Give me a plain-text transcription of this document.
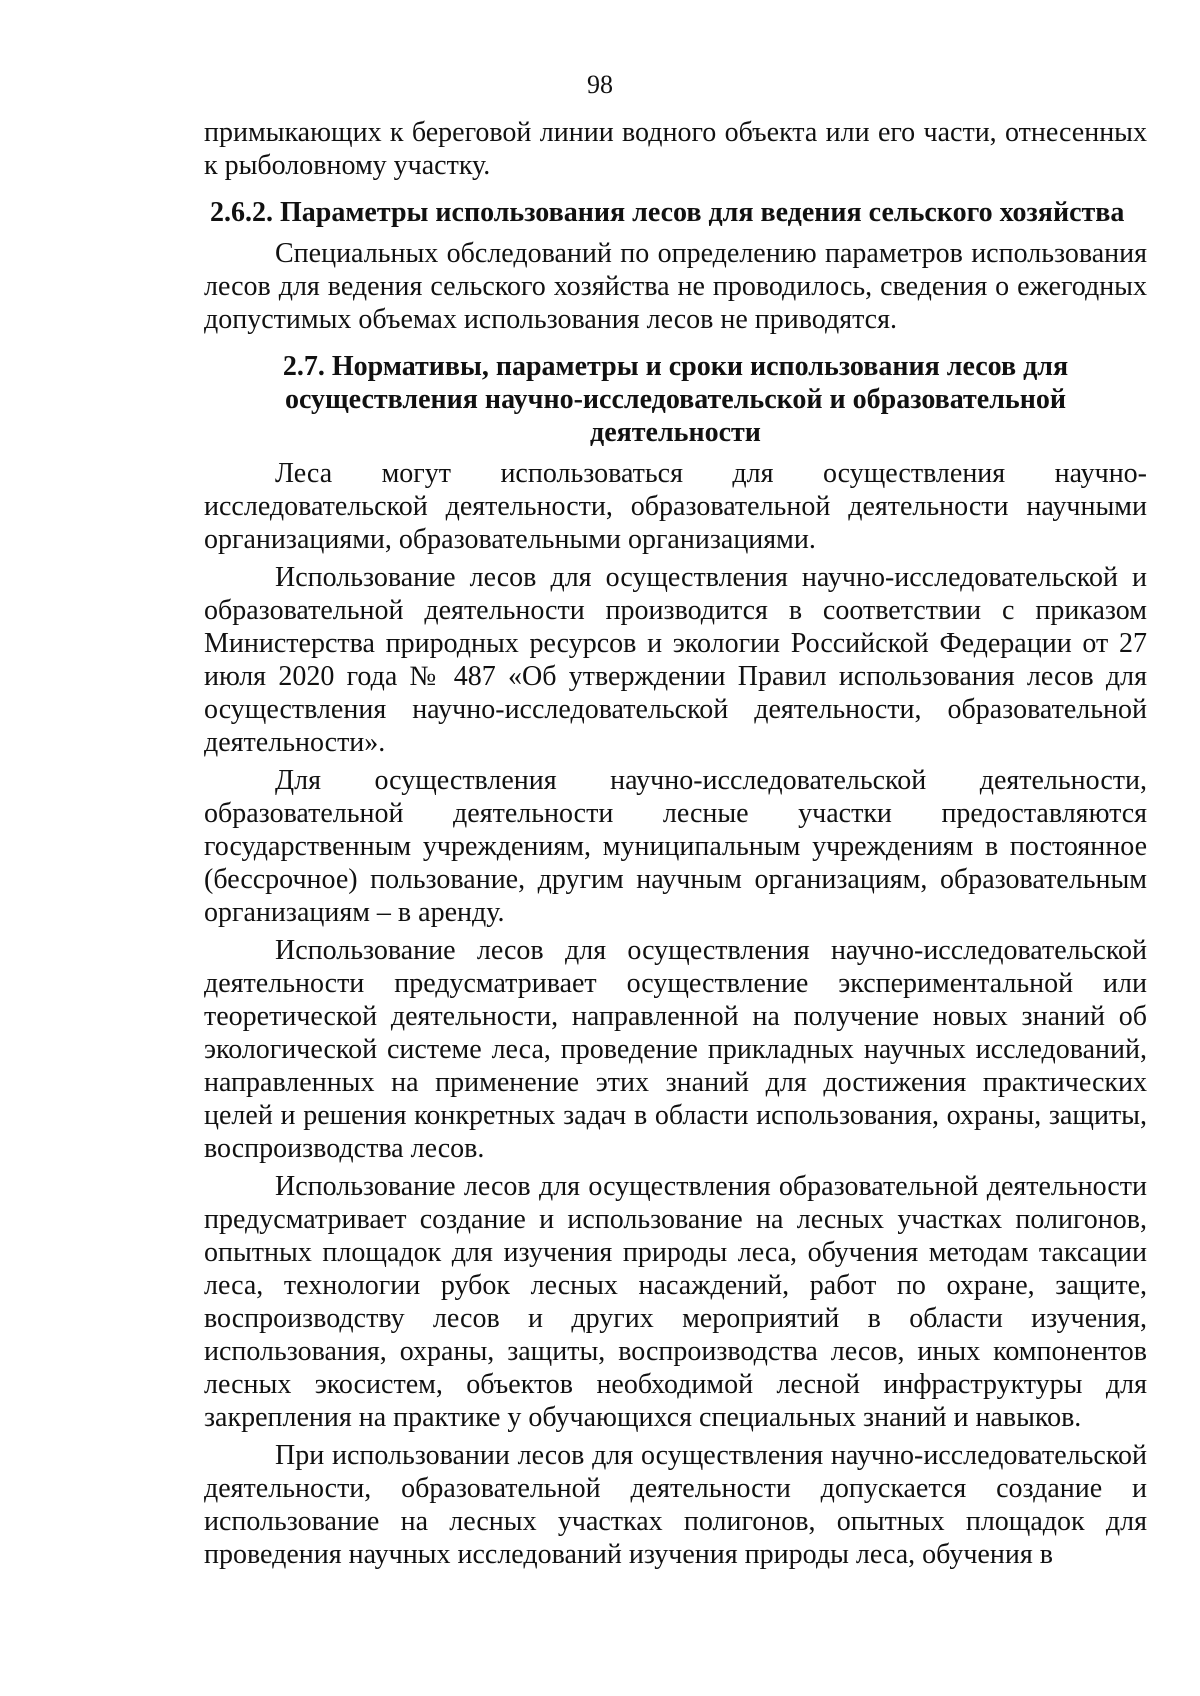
98

примыкающих к береговой линии водного объекта или его части, отнесенных к рыболовному участку.

2.6.2. Параметры использования лесов для ведения сельского хозяйства

Специальных обследований по определению параметров использования лесов для ведения сельского хозяйства не проводилось, сведения о ежегодных допустимых объемах использования лесов не приводятся.

2.7. Нормативы, параметры и сроки использования лесов для осуществления научно-исследовательской и образовательной деятельности

Леса могут использоваться для осуществления научно-исследовательской деятельности, образовательной деятельности научными организациями, образовательными организациями.

Использование лесов для осуществления научно-исследовательской и образовательной деятельности производится в соответствии с приказом Министерства природных ресурсов и экологии Российской Федерации от 27 июля 2020 года № 487 «Об утверждении Правил использования лесов для осуществления научно-исследовательской деятельности, образовательной деятельности».

Для осуществления научно-исследовательской деятельности, образовательной деятельности лесные участки предоставляются государственным учреждениям, муниципальным учреждениям в постоянное (бессрочное) пользование, другим научным организациям, образовательным организациям – в аренду.

Использование лесов для осуществления научно-исследовательской деятельности предусматривает осуществление экспериментальной или теоретической деятельности, направленной на получение новых знаний об экологической системе леса, проведение прикладных научных исследований, направленных на применение этих знаний для достижения практических целей и решения конкретных задач в области использования, охраны, защиты, воспроизводства лесов.

Использование лесов для осуществления образовательной деятельности предусматривает создание и использование на лесных участках полигонов, опытных площадок для изучения природы леса, обучения методам таксации леса, технологии рубок лесных насаждений, работ по охране, защите, воспроизводству лесов и других мероприятий в области изучения, использования, охраны, защиты, воспроизводства лесов, иных компонентов лесных экосистем, объектов необходимой лесной инфраструктуры для закрепления на практике у обучающихся специальных знаний и навыков.

При использовании лесов для осуществления научно-исследовательской деятельности, образовательной деятельности допускается создание и использование на лесных участках полигонов, опытных площадок для проведения научных исследований изучения природы леса, обучения в
